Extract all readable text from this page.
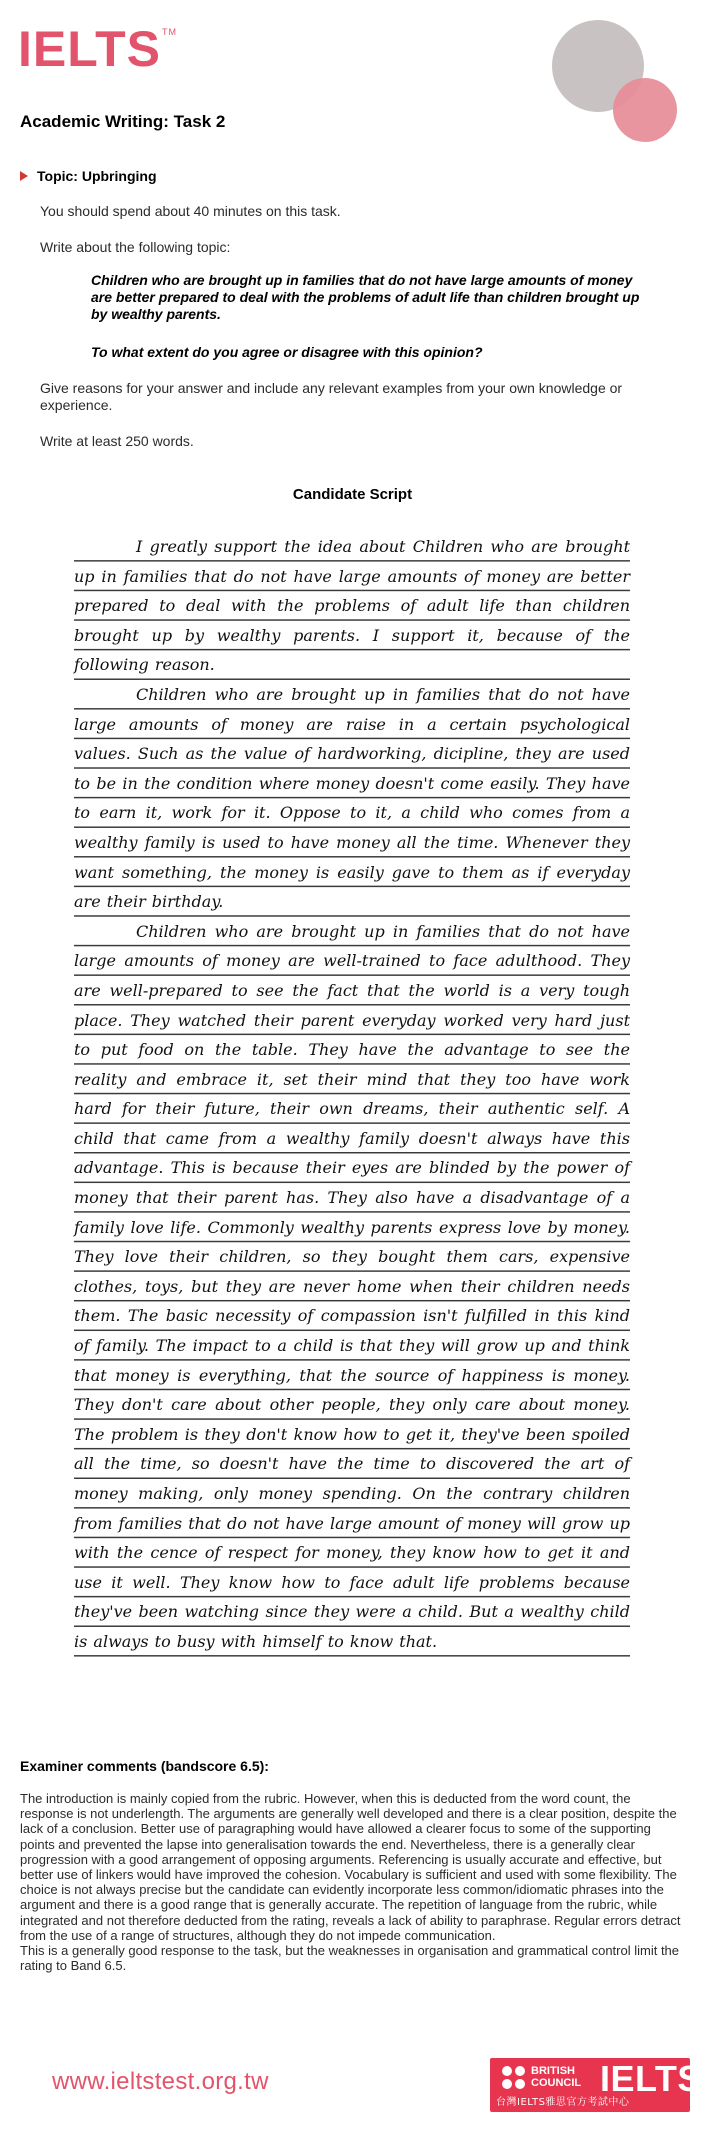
IELTS™
Academic Writing: Task 2
Topic: Upbringing
You should spend about 40 minutes on this task.
Write about the following topic:
Children who are brought up in families that do not have large amounts of money are better prepared to deal with the problems of adult life than children brought up by wealthy parents.
To what extent do you agree or disagree with this opinion?
Give reasons for your answer and include any relevant examples from your own knowledge or experience.
Write at least 250 words.
Candidate Script

I greatly support the idea about Children who are brought up in families that do not have large amounts of money are better prepared to deal with the problems of adult life than children brought up by wealthy parents. I support it, because of the following reason.

Children who are brought up in families that do not have large amounts of money are raise in a certain psychological values. Such as the value of hardworking, dicipline, they are used to be in the condition where money doesn't come easily. They have to earn it, work for it. Oppose to it, a child who comes from a wealthy family is used to have money all the time. Whenever they want something, the money is easily gave to them as if everyday are their birthday.

Children who are brought up in families that do not have large amounts of money are well-trained to face adulthood. They are well-prepared to see the fact that the world is a very tough place. They watched their parent everyday worked very hard just to put food on the table. They have the advantage to see the reality and embrace it, set their mind that they too have work hard for their future, their own dreams, their authentic self. A child that came from a wealthy family doesn't always have this advantage. This is because their eyes are blinded by the power of money that their parent has. They also have a disadvantage of a family love life. Commonly wealthy parents express love by money. They love their children, so they bought them cars, expensive clothes, toys, but they are never home when their children needs them. The basic necessity of compassion isn't fulfilled in this kind of family. The impact to a child is that they will grow up and think that money is everything, that the source of happiness is money. They don't care about other people, they only care about money. The problem is they don't know how to get it, they've been spoiled all the time, so doesn't have the time to discovered the art of money making, only money spending. On the contrary children from families that do not have large amount of money will grow up with the cence of respect for money, they know how to get it and use it well. They know how to face adult life problems because they've been watching since they were a child. But a wealthy child is always to busy with himself to know that.

Examiner comments (bandscore 6.5):

The introduction is mainly copied from the rubric. However, when this is deducted from the word count, the response is not underlength. The arguments are generally well developed and there is a clear position, despite the lack of a conclusion. Better use of paragraphing would have allowed a clearer focus to some of the supporting points and prevented the lapse into generalisation towards the end. Nevertheless, there is a generally clear progression with a good arrangement of opposing arguments. Referencing is usually accurate and effective, but better use of linkers would have improved the cohesion. Vocabulary is sufficient and used with some flexibility. The choice is not always precise but the candidate can evidently incorporate less common/idiomatic phrases into the argument and there is a good range that is generally accurate. The repetition of language from the rubric, while integrated and not therefore deducted from the rating, reveals a lack of ability to paraphrase. Regular errors detract from the use of a range of structures, although they do not impede communication.

This is a generally good response to the task, but the weaknesses in organisation and grammatical control limit the rating to Band 6.5.

www.ieltstest.org.tw	BRITISH
COUNCIL IELTS
台灣IELTS雅思官方考試中心
